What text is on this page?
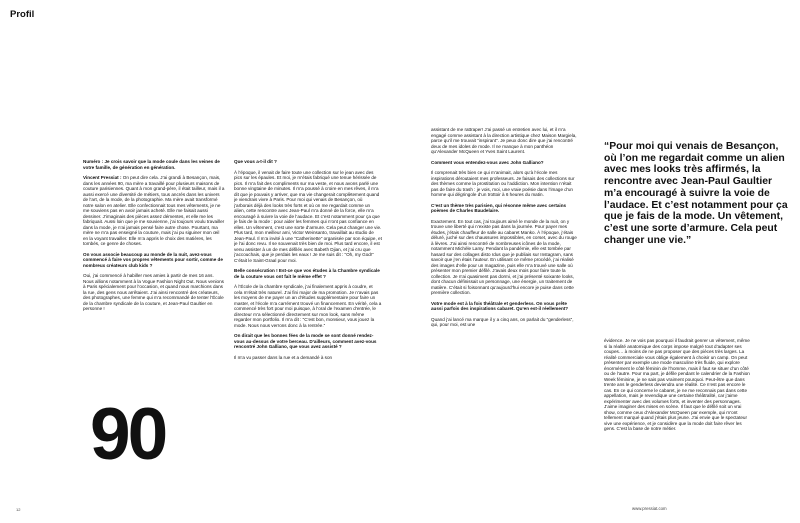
Profil

Numéro : Je crois savoir que la mode coule dans les veines de votre famille, de génération en génération.

Vincent Pressiat : On peut dire cela. J’ai grandi à Besançon, mais, dans les années 90, ma mère a travaillé pour plusieurs maisons de couture parisiennes. Quant à mon grand-père, il était tailleur, mais il a aussi exercé une diversité de métiers, tous ancrés dans les univers de l’art, de la mode, de la photographie. Ma mère avait transformé notre salon en atelier. Elle confectionnait tous mes vêtements, je ne me souviens pas en avoir jamais acheté. Elle me faisait aussi dessiner. J’imaginais des pièces assez démentes, et elle me les fabriquait. Aussi loin que je me souvienne, j’ai toujours voulu travailler dans la mode, je n’ai jamais pensé faire autre chose. Pourtant, ma mère ne m’a pas enseigné la couture, mais j’ai pu siguiner mon œil en la voyant travailler. Elle m’a appris le choix des matières, les tombés, ce genre de choses.

On vous associe beaucoup au monde de la nuit, avez-vous commencé à faire vos propres vêtements pour sortir, comme de nombreux créateurs club kids ?

Oui, j’ai commencé à habiller mes amies à partir de mes 16 ans. Nous allions notamment à la Vogue Fashion Night Out. Nous venions à Paris spécialement pour l’occasion, et quand nous marchions dans la rue, des gens nous arrêtaient. J’ai ainsi rencontré des créateurs, des photographes, une femme qui m’a recommandé de tenter l’École de la chambre syndicale de la couture, et Jean-Paul Gaultier en personne !

90

Que vous a-t-il dit ?

À l’époque, il venait de faire toute une collection sur le jean avec des pics sur les épaules. Et moi, je m’étais fabriqué une tenue hérissée de pics. Il m’a fait des compliments sur ma veste, et nous avons parlé une bonne vingtaine de minutes. Il m’a poussé à croire en mes rêves, il m’a dit que je pouvais y arriver, que ma vie changerait complètement quand je viendrais vivre à Paris. Pour moi qui venais de Besançon, où j’arborais déjà des looks très forts et où on me regardait comme un alien, cette rencontre avec Jean-Paul m’a donné de la force, elle m’a encouragé à suivre la voie de l’audace. Et c’est notamment pour ça que je fais de la mode : pour aider les femmes qui n’ont pas confiance en elles. Un vêtement, c’est une sorte d’armure. Cela peut changer une vie. Plus tard, mon meilleur ami, Victor Weinsanto, travaillait au studio de Jean-Paul. Il m’a invité à une “Catherinette” organisée par son équipe, et je l’ai donc revu. Il se souvenait très bien de moi. Plus tard encore, il est venu assister à un de mes défilés avec Babeth Djian, et j’ai cru que j’accouchais, que je perdais les eaux ! Je me suis dit : “Oh, my God!” C’était le Saint-Graal pour moi.

Belle consécration ! Est-ce que vos études à la Chambre syndicale de la couture vous ont fait le même effet ?

À l’École de la chambre syndicale, j’ai finalement appris à coudre, et cela m’était très naturel. J’ai fini major de ma promotion. Je n’avais pas les moyens de me payer un an d’études supplémentaire pour faire un master, et l’école m’a carrément trouvé un financement. En vérité, cela a commencé très fort pour moi puisque, à l’oral de l’examen d’entrée, le directeur m’a sélectionné directement sur mon look, sans même regarder mon portfolio. Il m’a dit : “C’est bon, monsieur, vous jouez la mode. Nous nous verrons donc à la rentrée.”

On dirait que les bonnes fées de la mode se sont donné rendez-vous au-dessus de votre berceau. D’ailleurs, comment avez-vous rencontré John Galliano, que vous avez assisté ?

Il m’a vu passer dans la rue et a demandé à son

assistant de me rattraper! J’ai passé un entretien avec lui, et il m’a engagé comme assistant à la direction artistique chez Maison Margiela, parce qu’il me trouvait “inspirant”. Je peux donc dire que j’ai rencontré deux de mes idoles de mode. Il ne manque à mon panthéon qu’Alexander McQueen et Yves Saint Laurent.

Comment vous entendez-vous avec John Galliano?

Il comprenait très bien ce qui m’animait, alors qu’à l’école mes inspirations déroutaient mes professeurs. Je faisais des collections sur des thèmes comme la prostitution ou l’addiction. Mon intention n’était pas de faire du trash : je vois, moi, une vraie poésie dans l’image d’un homme qui dégringole d’un trottoir à 6 heures du matin.

C’est un thème très parisien, qui résonne même avec certains poèmes de Charles Baudelaire.

Exactement. En tout cas, j’ai toujours aimé le monde de la nuit, on y trouve une liberté qui n’existe pas dans la journée. Pour payer mes études, j’étais chauffeur de salle au cabaret Manko. À l’époque, j’étais déluré, juché sur des chaussures impossibles, en corset, avec du rouge à lèvres. J’ai ainsi rencontré de nombreuses icônes de la mode, notamment Michèle Lamy. Pendant la pandémie, elle est tombée par hasard sur des collages disto rdus que je publiais sur Instagram, sans savoir que j’en étais l’auteur. En utilisant ce même procédé, j’ai réalisé des images d’elle pour un magazine, puis elle m’a trouvé une salle où présenter mon premier défilé. J’avais deux mois pour faire toute la collection. Je n’ai quasiment pas dormi, et j’ai présenté soixante looks, dont chacun définissait un personnage, une énergie, un traitement de matière. C’était si foisonnant qu’aujourd’hui encore je puise dans cette première collection.

Votre mode est à la fois théâtrale et genderless. On vous prête aussi parfois des inspirations cabaret. Qu’en est-il réellement?

Quand j’ai lancé ma marque il y a cinq ans, on parlait du “genderless”, qui, pour moi, est une

“Pour moi qui venais de Besançon, où l’on me regardait comme un alien avec mes looks très affirmés, la rencontre avec Jean-Paul Gaultier m’a encouragé à suivre la voie de l’audace. Et c’est notamment pour ça que je fais de la mode. Un vêtement, c’est une sorte d’armure. Cela peut changer une vie.”

évidence. Je ne vois pas pourquoi il faudrait genrer un vêtement, même si la réalité anatomique des corps impose malgré tout d’adapter ses coupes… à moins de ne pas proposer que des pièces très larges. La réalité commerciale vous oblige également à choisir un camp. On peut présenter par exemple une mode masculine très fluide, qui explore énormément le côté féminin de l’homme, mais il faut se situer d’un côté ou de l’autre. Pour ma part, je défile pendant le calendrier de la Fashion Week féminine, je ne sais pas vraiment pourquoi. Peut-être que dans trente ans le genderless deviendra une réalité. Ce n’est pas encore le cas. En ce qui concerne le cabaret, je ne me reconnais pas dans cette appellation, mais je revendique une certaine théâtralité, car j’aime expérimenter avec des volumes forts, et inventer des personnages. J’aime imaginer des mises en scène. Il faut que le défilé soit un vrai show, comme ceux d’Alexander McQueen par exemple, qui m’ont tellement marqué quand j’étais plus jeune. J’ai envie que le spectateur vive une expérience, et je considère que la mode doit faire rêver les gens. C’est la base de notre métier.

12	www.pressiat.com
